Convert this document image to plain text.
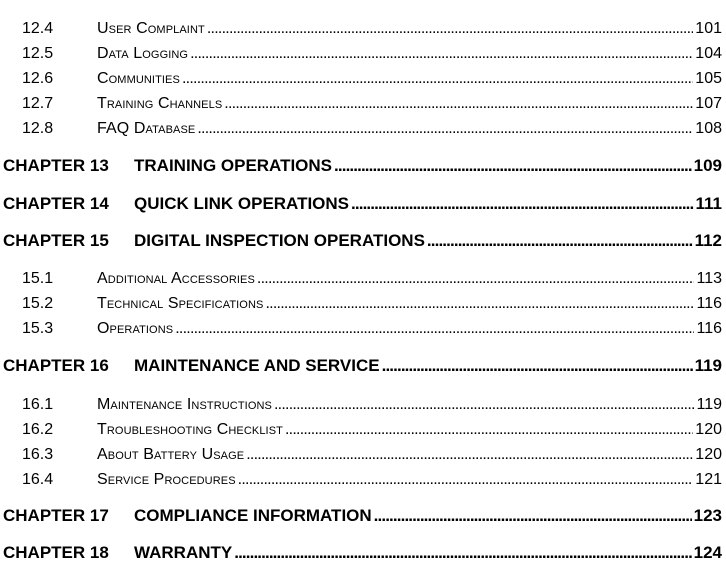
12.4	User Complaint . . .	101
12.5	Data Logging . . .	104
12.6	Communities . . .	105
12.7	Training Channels . . .	107
12.8	FAQ Database . . .	108
CHAPTER 13	TRAINING OPERATIONS . . .	109
CHAPTER 14	QUICK LINK OPERATIONS . . .	111
CHAPTER 15	DIGITAL INSPECTION OPERATIONS . . .	112
15.1	Additional Accessories . . .	113
15.2	Technical Specifications . . .	116
15.3	Operations . . .	116
CHAPTER 16	MAINTENANCE AND SERVICE . . .	119
16.1	Maintenance Instructions . . .	119
16.2	Troubleshooting Checklist . . .	120
16.3	About Battery Usage . . .	120
16.4	Service Procedures . . .	121
CHAPTER 17	COMPLIANCE INFORMATION . . .	123
CHAPTER 18	WARRANTY . . .	124
